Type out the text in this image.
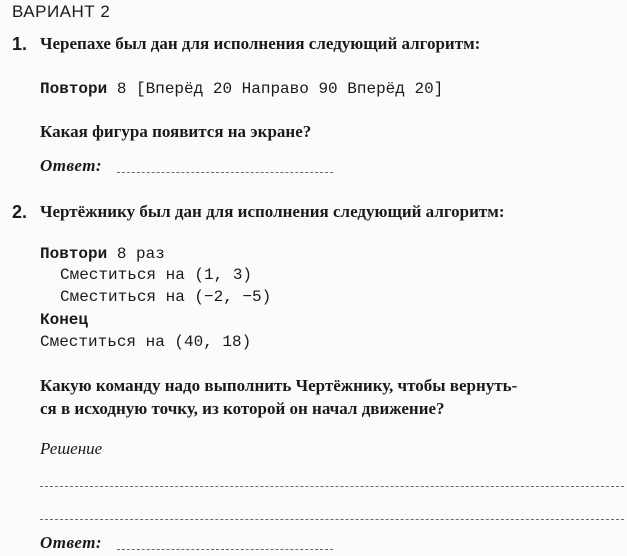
ВАРИАНТ 2
1. Черепахе был дан для исполнения следующий алгоритм:
Повтори 8 [Вперёд 20 Направо 90 Вперёд 20]
Какая фигура появится на экране?
Ответ:
2. Чертёжнику был дан для исполнения следующий алгоритм:
Повтори 8 раз
Сместиться на (1, 3)
Сместиться на (−2, −5)
Конец
Сместиться на (40, 18)
Какую команду надо выполнить Чертёжнику, чтобы вернуть-
ся в исходную точку, из которой он начал движение?
Решение
Ответ:
